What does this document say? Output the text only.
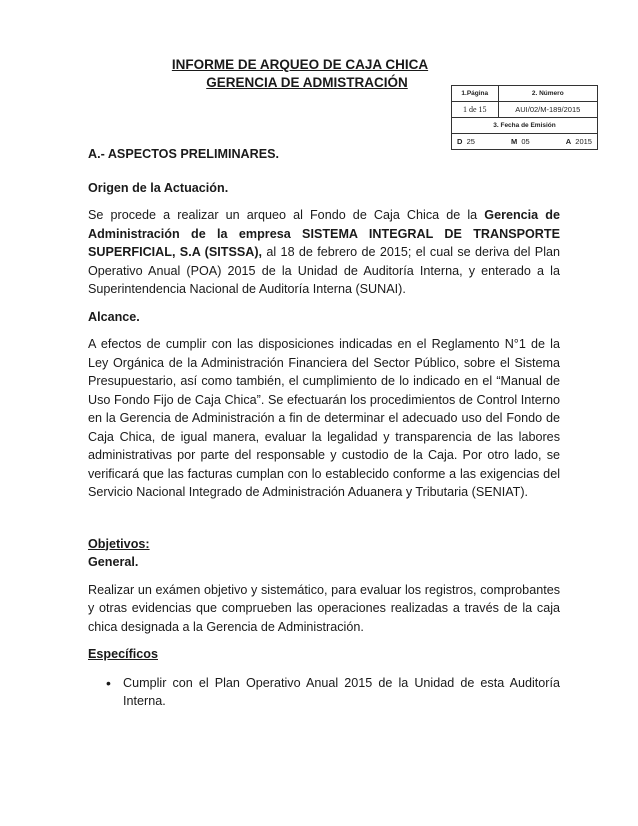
INFORME DE ARQUEO DE CAJA CHICA
GERENCIA DE ADMISTRACIÓN
1.Página	2. Número
1 de 15	AUI/02/M-189/2015
3. Fecha de Emisión	

D 25 M 05 A 2015	
A.- ASPECTOS PRELIMINARES.
Origen de la Actuación.

Se procede a realizar un arqueo al Fondo de Caja Chica de la Gerencia de Administración de la empresa SISTEMA INTEGRAL DE TRANSPORTE SUPERFICIAL, S.A (SITSSA), al 18 de febrero de 2015; el cual se deriva del Plan Operativo Anual (POA) 2015 de la Unidad de Auditoría Interna, y enterado a la Superintendencia Nacional de Auditoría Interna (SUNAI).

Alcance.

A efectos de cumplir con las disposiciones indicadas en el Reglamento N°1 de la Ley Orgánica de la Administración Financiera del Sector Público, sobre el Sistema Presupuestario, así como también, el cumplimiento de lo indicado en el “Manual de Uso Fondo Fijo de Caja Chica”. Se efectuarán los procedimientos de Control Interno en la Gerencia de Administración a fin de determinar el adecuado uso del Fondo de Caja Chica, de igual manera, evaluar la legalidad y transparencia de las labores administrativas por parte del responsable y custodio de la Caja. Por otro lado, se verificará que las facturas cumplan con lo establecido conforme a las exigencias del Servicio Nacional Integrado de Administración Aduanera y Tributaria (SENIAT).

Objetivos:
General.

Realizar un exámen objetivo y sistemático, para evaluar los registros, comprobantes y otras evidencias que comprueben las operaciones realizadas a través de la caja chica designada a la Gerencia de Administración.

Específicos
• Cumplir con el Plan Operativo Anual 2015 de la Unidad de esta Auditoría Interna.
